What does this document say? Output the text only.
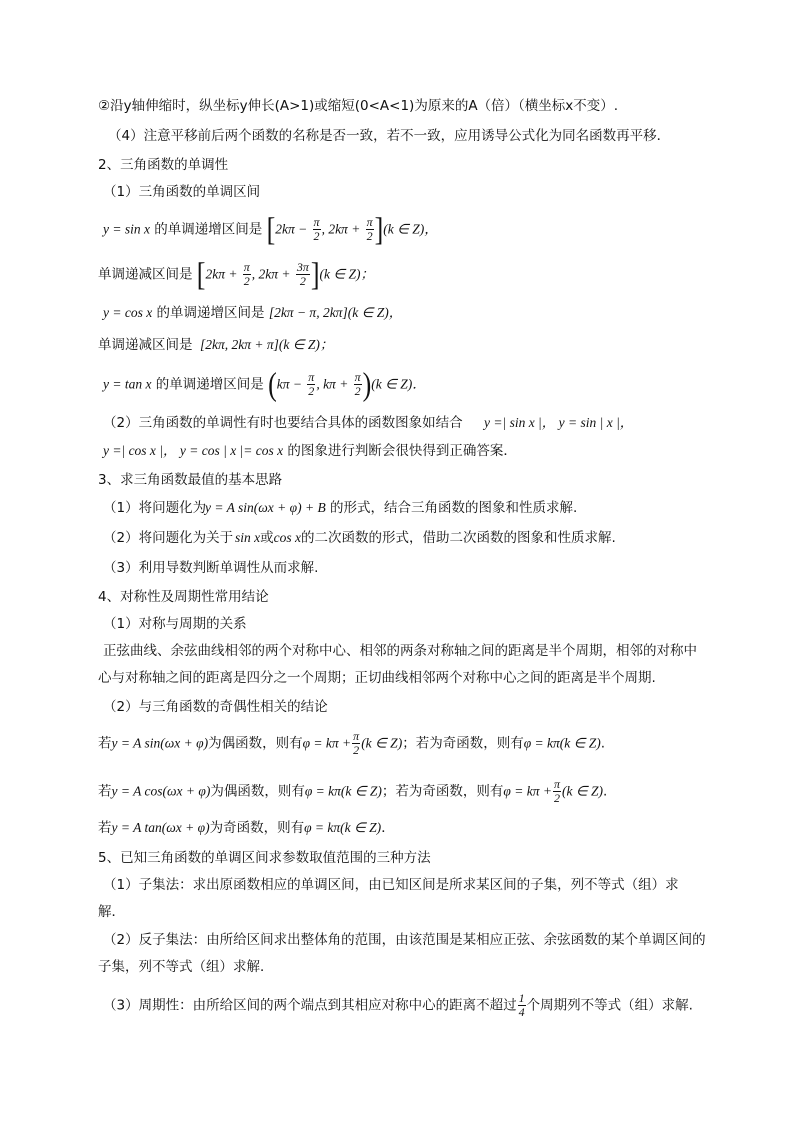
②沿y轴伸缩时，纵坐标y伸长(A>1)或缩短(0<A<1)为原来的A（倍）（横坐标x不变）.
（4）注意平移前后两个函数的名称是否一致，若不一致，应用诱导公式化为同名函数再平移．
2、三角函数的单调性
（1）三角函数的单调区间
单调递减区间是
（2）三角函数的单调性有时也要结合具体的函数图象如结合
3、求三角函数最值的基本思路
（1）将问题化为
（2）将问题化为关于
（3）利用导数判断单调性从而求解.
4、对称性及周期性常用结论
（1）对称与周期的关系
正弦曲线、余弦曲线相邻的两个对称中心、相邻的两条对称轴之间的距离是半个周期，相邻的对称中
心与对称轴之间的距离是四分之一个周期；正切曲线相邻两个对称中心之间的距离是半个周期.
（2）与三角函数的奇偶性相关的结论
5、已知三角函数的单调区间求参数取值范围的三种方法
（1）子集法：求出原函数相应的单调区间，由已知区间是所求某区间的子集，列不等式（组）求
解．
（2）反子集法：由所给区间求出整体角的范围，由该范围是某相应正弦、余弦函数的某个单调区间的
子集，列不等式（组）求解．
y = sin x 的单调递增区间是 [$2k\pi - \frac{\pi}{2}$ , $2k\pi + \frac{\pi}{2} ](k$ ∈ Z)，
单调递减区间是 [$2k\pi + \frac{\pi}{2}$ , $2k\pi + \frac{3\pi}{2} ](k$ ∈ Z)；
y = cos x 的单调递增区间是 [2kπ − π, 2kπ](k ∈ Z)，
[2kπ, 2kπ + π](k ∈ Z)；
y = tan x 的单调递增区间是 ($k\pi - \frac{\pi}{2}$ , $k\pi + \frac{\pi}{2} )(k$ ∈ Z)．
y =| sin x |， y = sin | x |，
y =| cos x |， y = cos | x |= cos x 的图象进行判断会很快得到正确答案．
y = A sin(ωx + φ) + B 的形式，结合三角函数的图象和性质求解.
sin x或cos x的二次函数的形式，借助二次函数的图象和性质求解.
若y = A sin(ωx + φ)为偶函数，则有$\varphi = k\pi + \frac{\pi}{2} (k$ ∈ Z)；若为奇函数，则有φ = kπ(k ∈ Z).
若y = A cos(ωx + φ)为偶函数，则有φ = kπ(k ∈ Z)；若为奇函数，则有$\varphi = k\pi + \frac{\pi}{2} (k$ ∈ Z).
若y = A tan(ωx + φ)为奇函数，则有φ = kπ(k ∈ Z)．
（3）周期性：由所给区间的两个端点到其相应对称中心的距离不超过 $\frac{1}{4}$ 个周期列不等式（组）求解.
